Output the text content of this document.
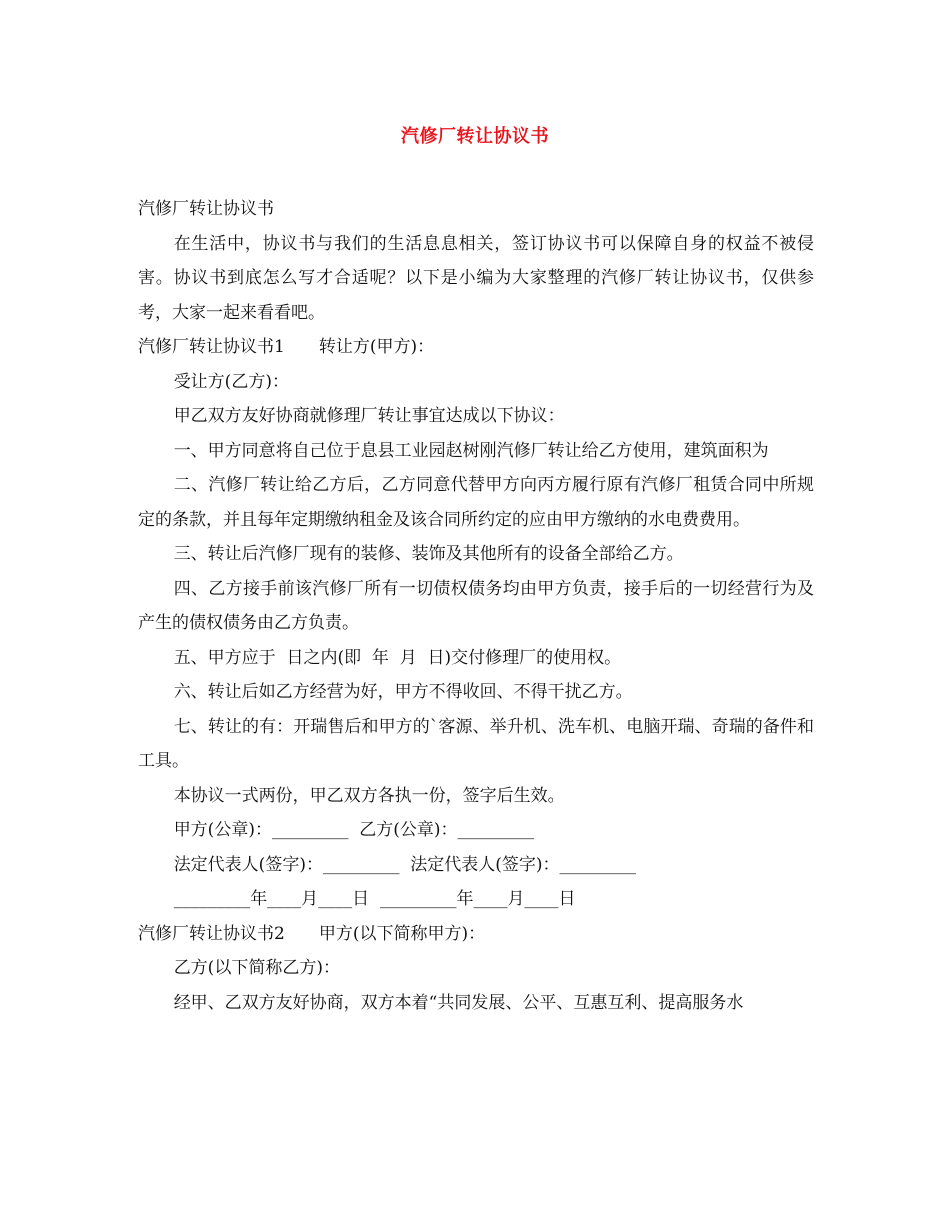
汽修厂转让协议书

汽修厂转让协议书

在生活中，协议书与我们的生活息息相关，签订协议书可以保障自身的权益不被侵害。协议书到底怎么写才合适呢？以下是小编为大家整理的汽修厂转让协议书，仅供参考，大家一起来看看吧。

汽修厂转让协议书1　　转让方(甲方)：

受让方(乙方)：

甲乙双方友好协商就修理厂转让事宜达成以下协议：

一、甲方同意将自己位于息县工业园赵树刚汽修厂转让给乙方使用，建筑面积为

二、汽修厂转让给乙方后，乙方同意代替甲方向丙方履行原有汽修厂租赁合同中所规定的条款，并且每年定期缴纳租金及该合同所约定的应由甲方缴纳的水电费费用。

三、转让后汽修厂现有的装修、装饰及其他所有的设备全部给乙方。

四、乙方接手前该汽修厂所有一切债权债务均由甲方负责，接手后的一切经营行为及产生的债权债务由乙方负责。

五、甲方应于  日之内(即  年  月  日)交付修理厂的使用权。

六、转让后如乙方经营为好，甲方不得收回、不得干扰乙方。

七、转让的有：开瑞售后和甲方的`客源、举升机、洗车机、电脑开瑞、奇瑞的备件和工具。

本协议一式两份，甲乙双方各执一份，签字后生效。

甲方(公章)：_________  乙方(公章)：_________

法定代表人(签字)：_________  法定代表人(签字)：_________

_________年____月____日  _________年____月____日

汽修厂转让协议书2　　甲方(以下简称甲方)：

乙方(以下简称乙方)：

经甲、乙双方友好协商，双方本着“共同发展、公平、互惠互利、提高服务水
